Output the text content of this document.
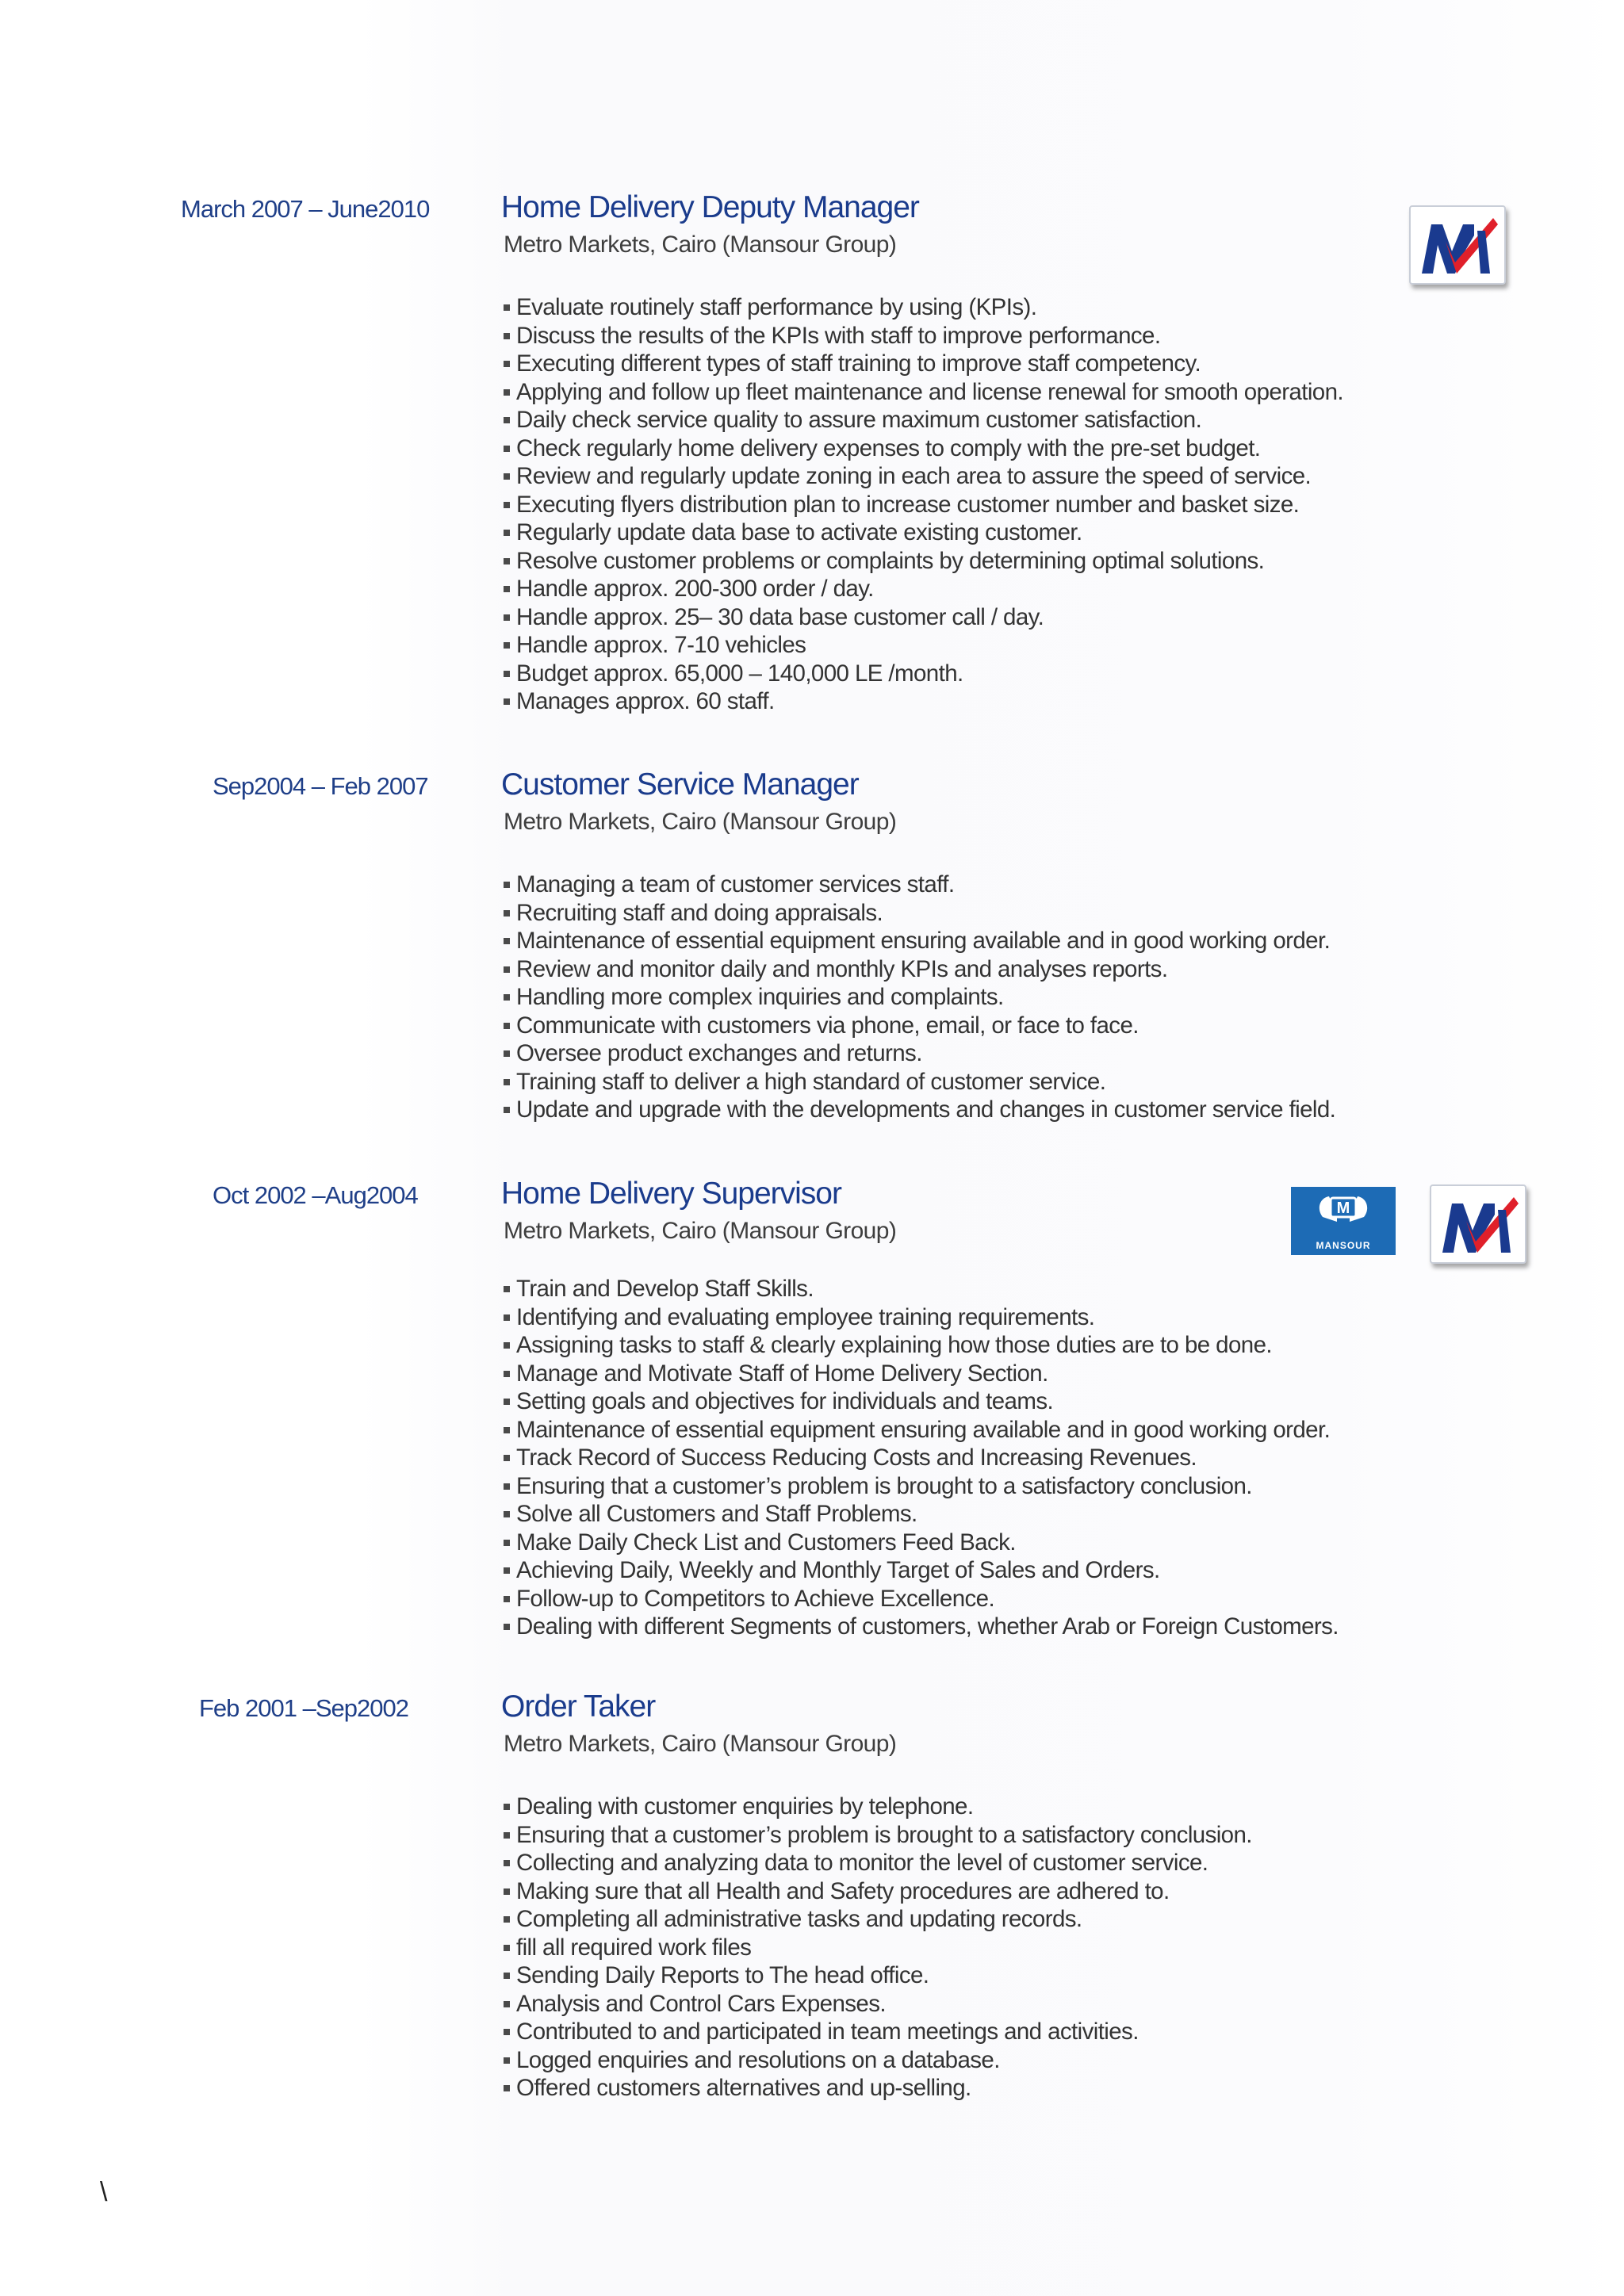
March 2007 – June2010 Home Delivery Deputy Manager
Metro Markets, Cairo (Mansour Group)
Evaluate routinely staff performance by using (KPIs).
Discuss the results of the KPIs with staff to improve performance.
Executing different types of staff training to improve staff competency.
Applying and follow up fleet maintenance and license renewal for smooth operation.
Daily check service quality to assure maximum customer satisfaction.
Check regularly home delivery expenses to comply with the pre-set budget.
Review and regularly update zoning in each area to assure the speed of service.
Executing flyers distribution plan to increase customer number and basket size.
Regularly update data base to activate existing customer.
Resolve customer problems or complaints by determining optimal solutions.
Handle approx. 200-300 order / day.
Handle approx. 25– 30 data base customer call / day.
Handle approx. 7-10 vehicles
Budget approx. 65,000 – 140,000 LE /month.
Manages approx. 60 staff.
Sep2004 – Feb 2007 Customer Service Manager
Metro Markets, Cairo (Mansour Group)
Managing a team of customer services staff.
Recruiting staff and doing appraisals.
Maintenance of essential equipment ensuring available and in good working order.
Review and monitor daily and monthly KPIs and analyses reports.
Handling more complex inquiries and complaints.
Communicate with customers via phone, email, or face to face.
Oversee product exchanges and returns.
Training staff to deliver a high standard of customer service.
Update and upgrade with the developments and changes in customer service field.
Oct 2002 –Aug2004	Home Delivery Supervisor
Metro Markets, Cairo (Mansour Group)
Train and Develop Staff Skills.
Identifying and evaluating employee training requirements.
Assigning tasks to staff & clearly explaining how those duties are to be done.
Manage and Motivate Staff of Home Delivery Section.
Setting goals and objectives for individuals and teams.
Maintenance of essential equipment ensuring available and in good working order.
Track Record of Success Reducing Costs and Increasing Revenues.
Ensuring that a customer’s problem is brought to a satisfactory conclusion.
Solve all Customers and Staff Problems.
Make Daily Check List and Customers Feed Back.
Achieving Daily, Weekly and Monthly Target of Sales and Orders.
Follow-up to Competitors to Achieve Excellence.
Dealing with different Segments of customers, whether Arab or Foreign Customers.
Feb 2001 –Sep2002	Order Taker
Metro Markets, Cairo (Mansour Group)
Dealing with customer enquiries by telephone.
Ensuring that a customer’s problem is brought to a satisfactory conclusion.
Collecting and analyzing data to monitor the level of customer service.
Making sure that all Health and Safety procedures are adhered to.
Completing all administrative tasks and updating records.
fill all required work files
Sending Daily Reports to The head office.
Analysis and Control Cars Expenses.
Contributed to and participated in team meetings and activities.
Logged enquiries and resolutions on a database.
Offered customers alternatives and up-selling.
M
MANSOUR
\
